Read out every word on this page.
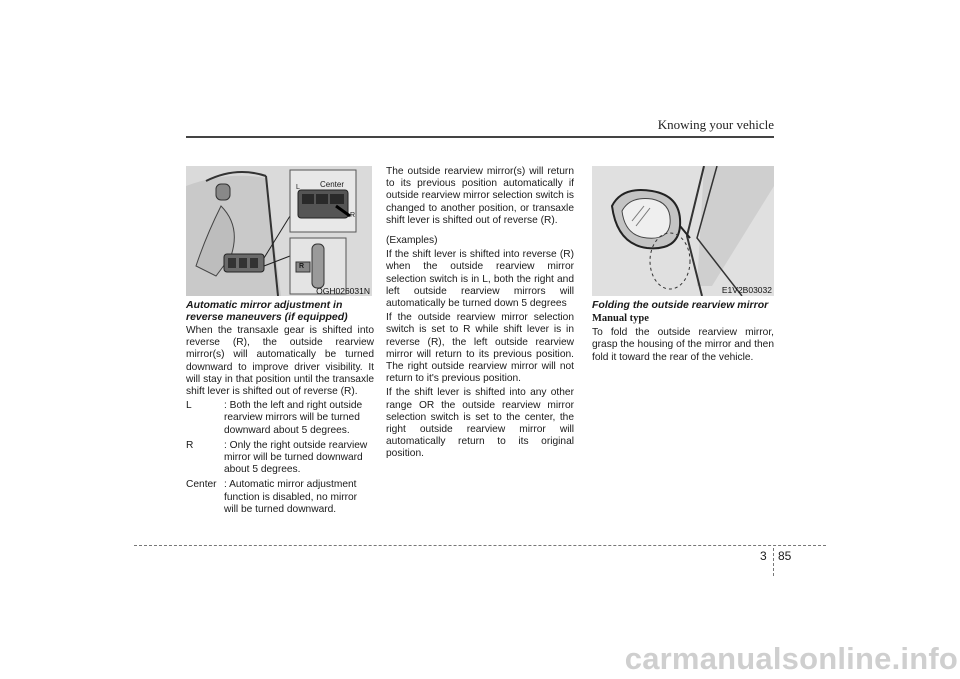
Knowing your vehicle
Center
L
R
R
OGH026031N

Automatic mirror adjustment in reverse maneuvers (if equipped)

When the transaxle gear is shifted into reverse (R), the outside rearview mirror(s) will automatically be turned downward to improve driver visibility. It will stay in that position until the transaxle shift lever is shifted out of reverse (R).

L	: Both the left and right outside rearview mirrors will be turned downward about 5 degrees.
R	: Only the right outside rearview mirror will be turned downward about 5 degrees.
Center : Automatic mirror adjustment function is disabled, no mirror will be turned downward.

The outside rearview mirror(s) will return to its previous position automatically if outside rearview mirror selection switch is changed to another position, or transaxle shift lever is shifted out of reverse (R).

(Examples)

If the shift lever is shifted into reverse (R) when the outside rearview mirror selection switch is in L, both the right and left outside rearview mirrors will automatically be turned down 5 degrees

If the outside rearview mirror selection switch is set to R while shift lever is in reverse (R), the left outside rearview mirror will return to its previous position. The right outside rearview mirror will not return to it's previous position.

If the shift lever is shifted into any other range OR the outside rearview mirror selection switch is set to the center, the right outside rearview mirror will automatically return to its original position.

E1V2B03032

Folding the outside rearview mirror

Manual type

To fold the outside rearview mirror, grasp the housing of the mirror and then fold it toward the rear of the vehicle.

3 85
carmanualsonline.info
